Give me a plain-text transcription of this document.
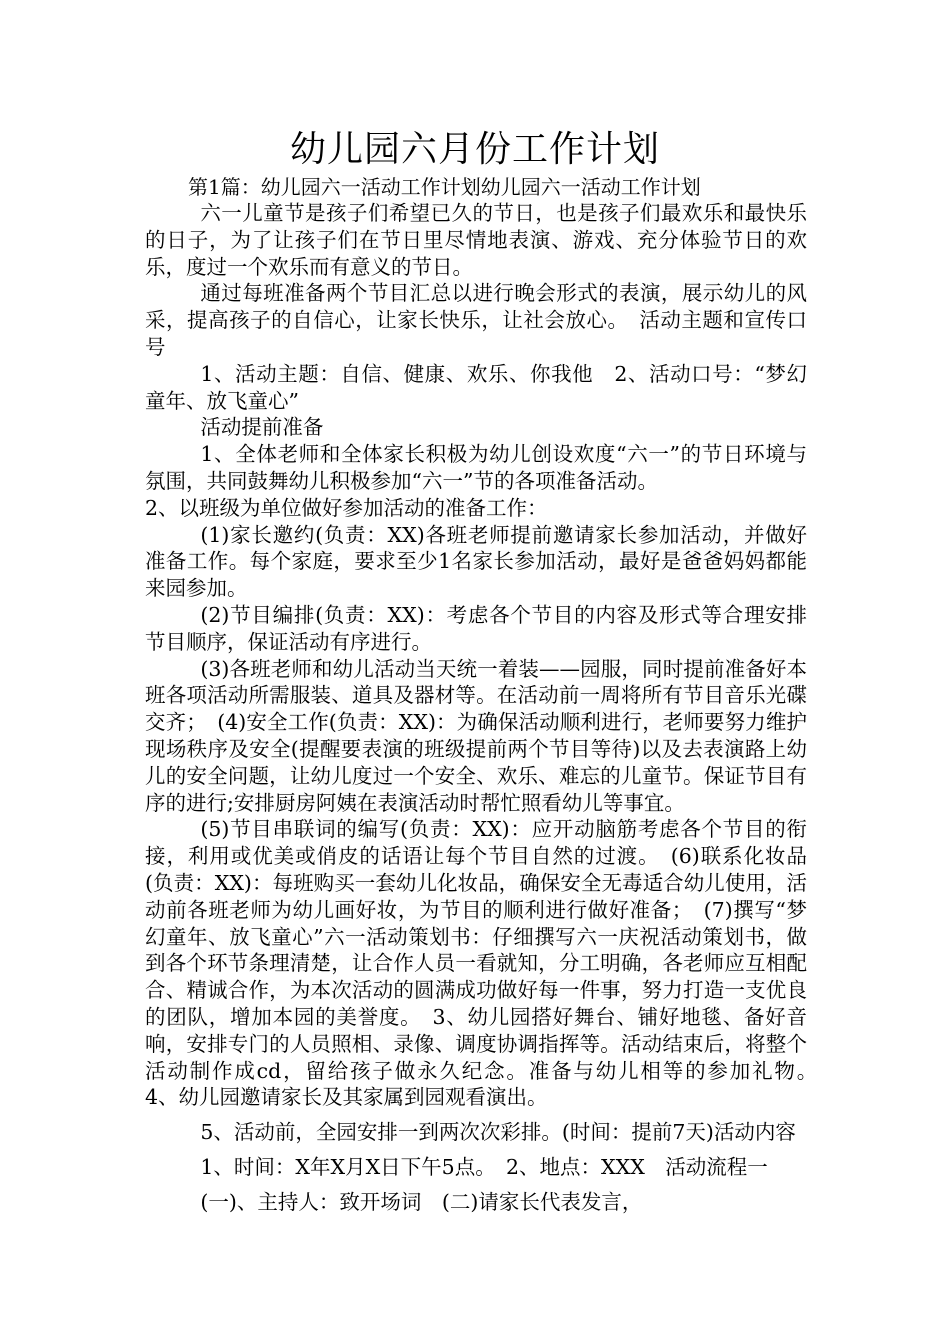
幼儿园六月份工作计划
第1篇：幼儿园六一活动工作计划幼儿园六一活动工作计划

六一儿童节是孩子们希望已久的节日，也是孩子们最欢乐和最快乐的日子，为了让孩子们在节日里尽情地表演、游戏、充分体验节日的欢乐，度过一个欢乐而有意义的节日。

通过每班准备两个节目汇总以进行晚会形式的表演，展示幼儿的风采，提高孩子的自信心，让家长快乐，让社会放心。　活动主题和宣传口号

1、活动主题：自信、健康、欢乐、你我他　2、活动口号：“梦幻童年、放飞童心”

活动提前准备

1、全体老师和全体家长积极为幼儿创设欢度“六一”的节日环境与氛围，共同鼓舞幼儿积极参加“六一”节的各项准备活动。

2、以班级为单位做好参加活动的准备工作：

(1)家长邀约(负责：XX)各班老师提前邀请家长参加活动，并做好准备工作。每个家庭，要求至少1名家长参加活动，最好是爸爸妈妈都能来园参加。

(2)节目编排(负责：XX)：考虑各个节目的内容及形式等合理安排节目顺序，保证活动有序进行。

(3)各班老师和幼儿活动当天统一着装——园服，同时提前准备好本班各项活动所需服装、道具及器材等。在活动前一周将所有节目音乐光碟交齐；　(4)安全工作(负责：XX)：为确保活动顺利进行，老师要努力维护现场秩序及安全(提醒要表演的班级提前两个节目等待)以及去表演路上幼儿的安全问题，让幼儿度过一个安全、欢乐、难忘的儿童节。保证节目有序的进行;安排厨房阿姨在表演活动时帮忙照看幼儿等事宜。

(5)节目串联词的编写(负责：XX)：应开动脑筋考虑各个节目的衔接，利用或优美或俏皮的话语让每个节目自然的过渡。　(6)联系化妆品(负责：XX)：每班购买一套幼儿化妆品，确保安全无毒适合幼儿使用，活动前各班老师为幼儿画好妆，为节目的顺利进行做好准备；　(7)撰写“梦幻童年、放飞童心”六一活动策划书：仔细撰写六一庆祝活动策划书，做到各个环节条理清楚，让合作人员一看就知，分工明确，各老师应互相配合、精诚合作，为本次活动的圆满成功做好每一件事，努力打造一支优良的团队，增加本园的美誉度。　3、幼儿园搭好舞台、铺好地毯、备好音响，安排专门的人员照相、录像、调度协调指挥等。活动结束后，将整个活动制作成cd，留给孩子做永久纪念。准备与幼儿相等的参加礼物。　4、幼儿园邀请家长及其家属到园观看演出。

5、活动前，全园安排一到两次次彩排。(时间：提前7天)活动内容

1、时间：X年X月X日下午5点。　2、地点：XXX　活动流程一

(一)、主持人：致开场词　(二)请家长代表发言，
